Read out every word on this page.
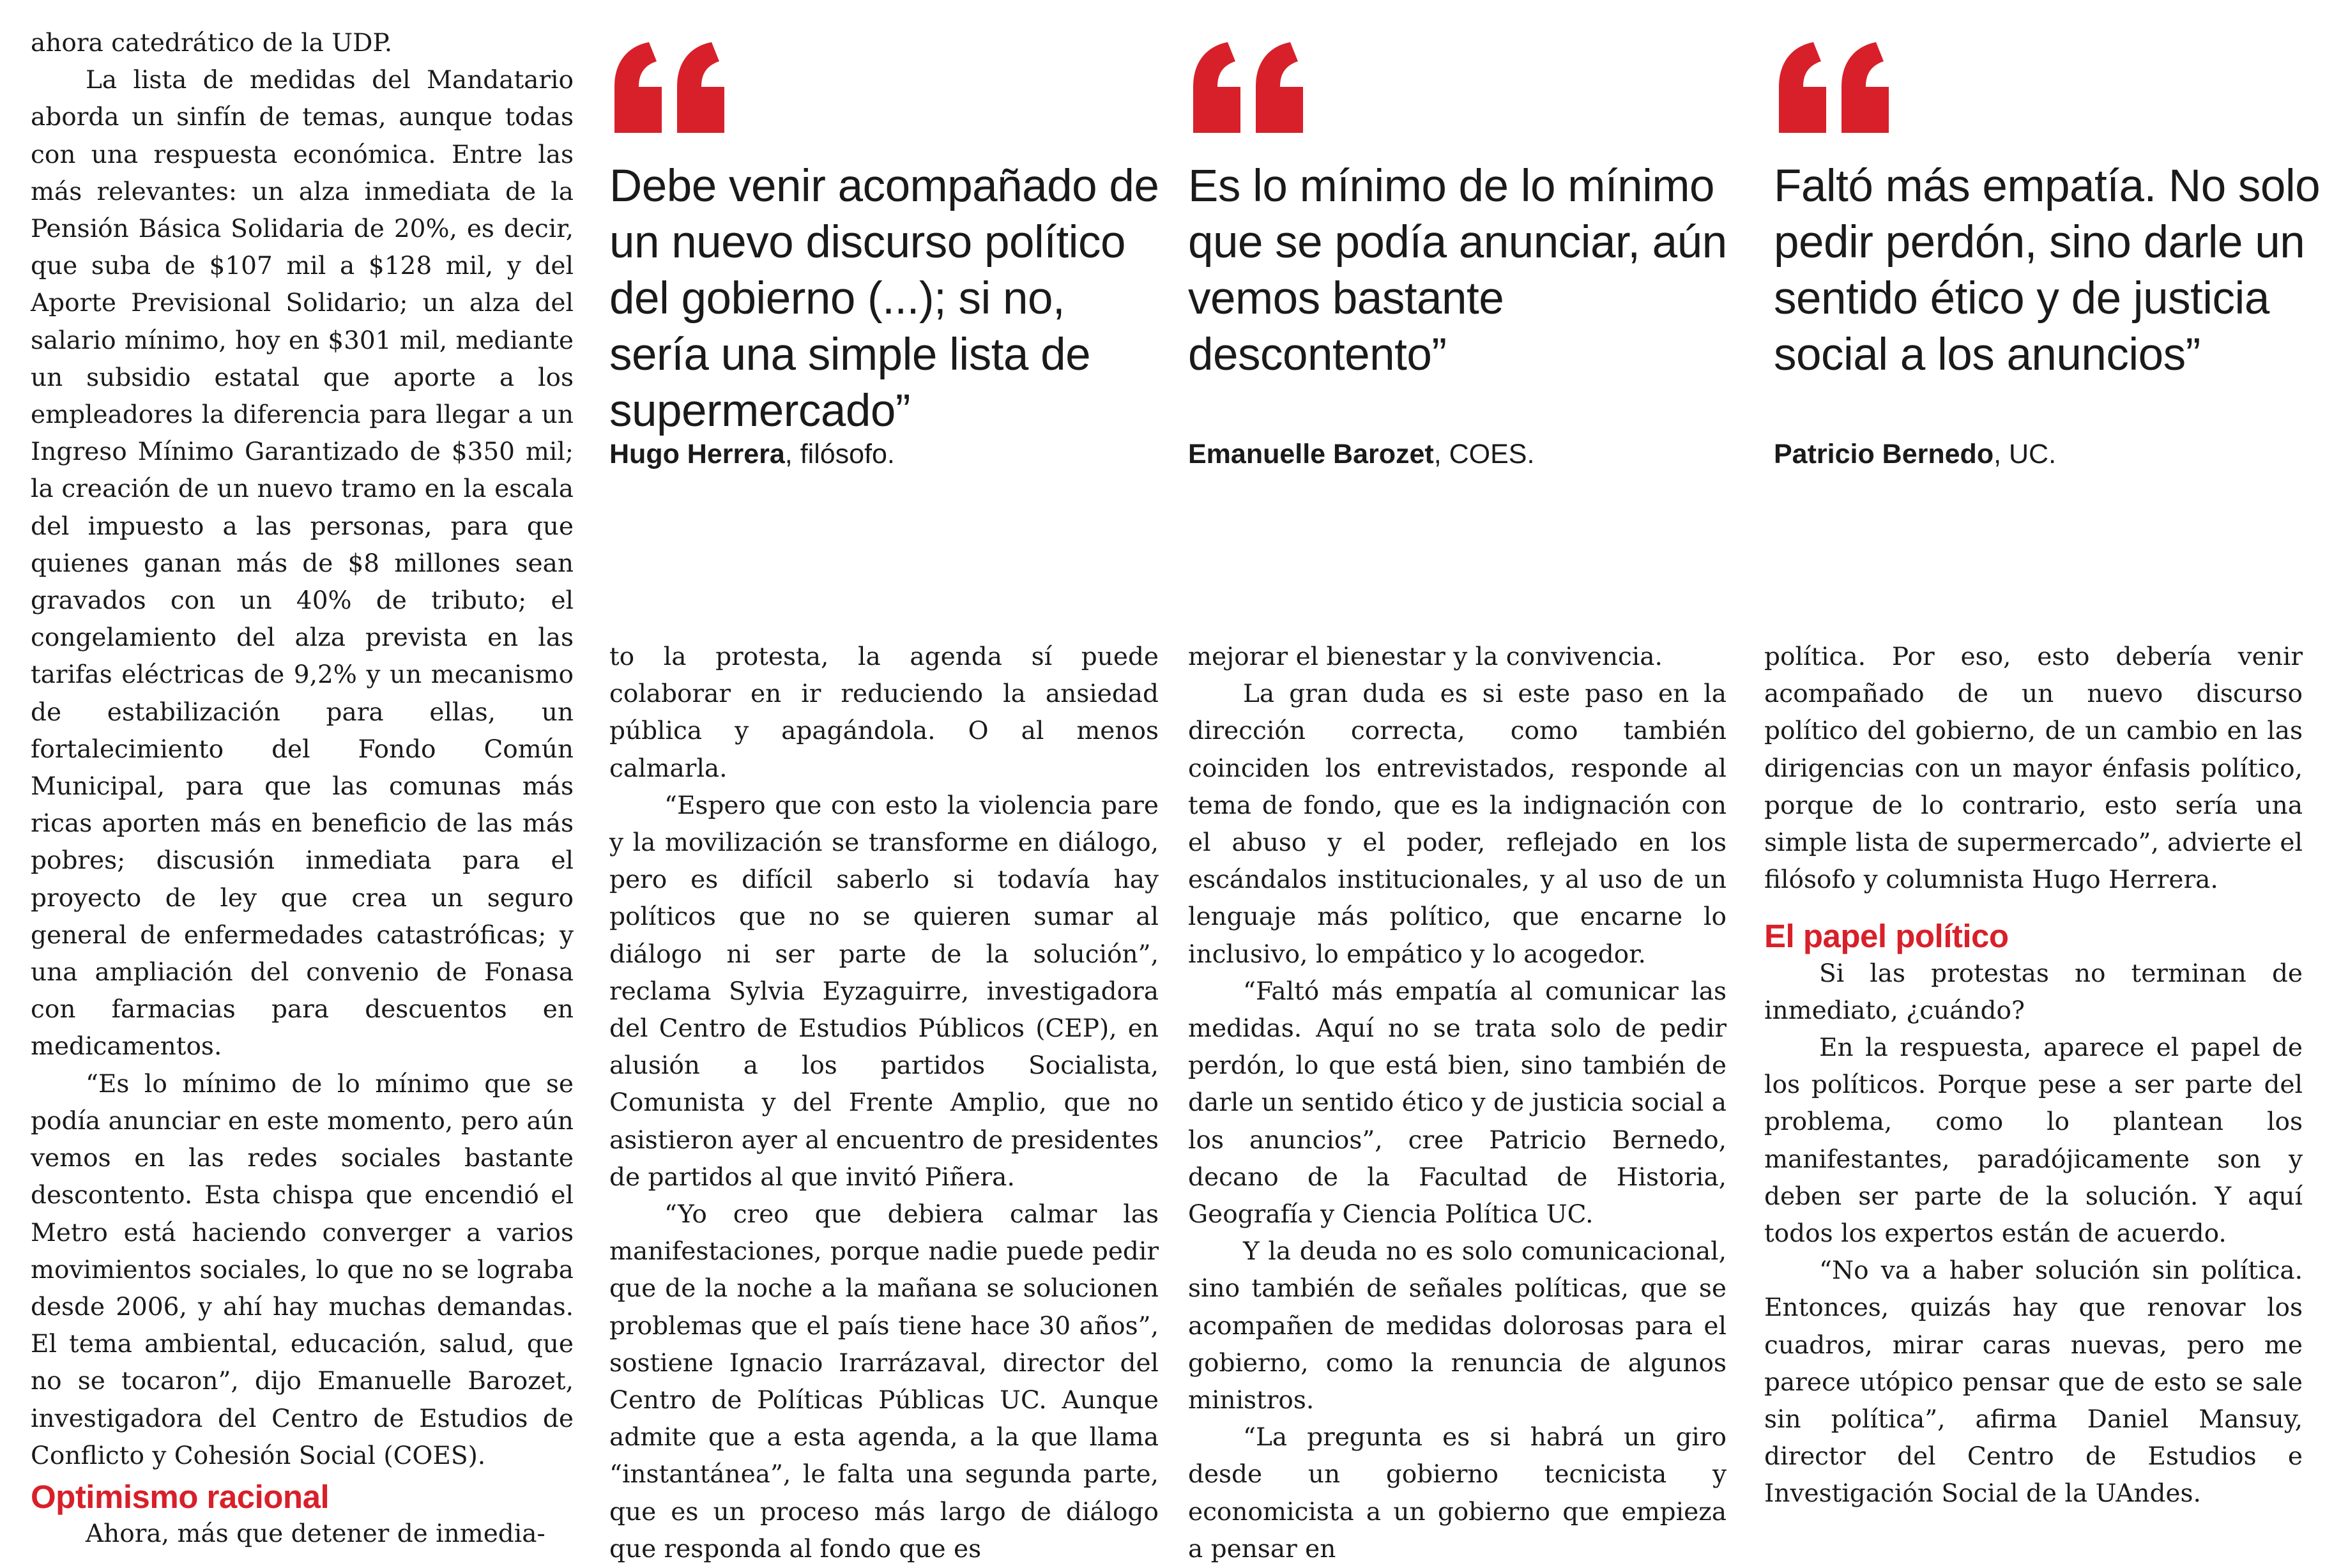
ahora catedrático de la UDP.

La lista de medidas del Mandatario aborda un sinfín de temas, aunque todas con una respuesta económica. Entre las más relevantes: un alza inmediata de la Pensión Básica Solidaria de 20%, es decir, que suba de $107 mil a $128 mil, y del Aporte Previsional Solidario; un alza del salario mínimo, hoy en $301 mil, mediante un subsidio estatal que aporte a los empleadores la diferencia para llegar a un Ingreso Mínimo Garantizado de $350 mil; la creación de un nuevo tramo en la escala del impuesto a las personas, para que quienes ganan más de $8 millones sean gravados con un 40% de tributo; el congelamiento del alza prevista en las tarifas eléctricas de 9,2% y un mecanismo de estabilización para ellas, un fortalecimiento del Fondo Común Municipal, para que las comunas más ricas aporten más en beneficio de las más pobres; discusión inmediata para el proyecto de ley que crea un seguro general de enfermedades catastróficas; y una ampliación del convenio de Fonasa con farmacias para descuentos en medicamentos.

“Es lo mínimo de lo mínimo que se podía anunciar en este momento, pero aún vemos en las redes sociales bastante descontento. Esta chispa que encendió el Metro está haciendo converger a varios movimientos sociales, lo que no se lograba desde 2006, y ahí hay muchas demandas. El tema ambiental, educación, salud, que no se tocaron”, dijo Emanuelle Barozet, investigadora del Centro de Estudios de Conflicto y Cohesión Social (COES).

Optimismo racional

Ahora, más que detener de inmedia-

Debe venir acompañado de un nuevo discurso político del gobierno (...); si no, sería una simple lista de supermercado”

Hugo Herrera, filósofo.

Es lo mínimo de lo mínimo que se podía anunciar, aún vemos bastante descontento”

Emanuelle Barozet, COES.

Faltó más empatía. No solo pedir perdón, sino darle un sentido ético y de justicia social a los anuncios”

Patricio Bernedo, UC.

to la protesta, la agenda sí puede colaborar en ir reduciendo la ansiedad pública y apagándola. O al menos calmarla.

“Espero que con esto la violencia pare y la movilización se transforme en diálogo, pero es difícil saberlo si todavía hay políticos que no se quieren sumar al diálogo ni ser parte de la solución”, reclama Sylvia Eyzaguirre, investigadora del Centro de Estudios Públicos (CEP), en alusión a los partidos Socialista, Comunista y del Frente Amplio, que no asistieron ayer al encuentro de presidentes de partidos al que invitó Piñera.

“Yo creo que debiera calmar las manifestaciones, porque nadie puede pedir que de la noche a la mañana se solucionen problemas que el país tiene hace 30 años”, sostiene Ignacio Irarrázaval, director del Centro de Políticas Públicas UC. Aunque admite que a esta agenda, a la que llama “instantánea”, le falta una segunda parte, que es un proceso más largo de diálogo que responda al fondo que es

mejorar el bienestar y la convivencia.

La gran duda es si este paso en la dirección correcta, como también coinciden los entrevistados, responde al tema de fondo, que es la indignación con el abuso y el poder, reflejado en los escándalos institucionales, y al uso de un lenguaje más político, que encarne lo inclusivo, lo empático y lo acogedor.

“Faltó más empatía al comunicar las medidas. Aquí no se trata solo de pedir perdón, lo que está bien, sino también de darle un sentido ético y de justicia social a los anuncios”, cree Patricio Bernedo, decano de la Facultad de Historia, Geografía y Ciencia Política UC.

Y la deuda no es solo comunicacional, sino también de señales políticas, que se acompañen de medidas dolorosas para el gobierno, como la renuncia de algunos ministros.

“La pregunta es si habrá un giro desde un gobierno tecnicista y economicista a un gobierno que empieza a pensar en

política. Por eso, esto debería venir acompañado de un nuevo discurso político del gobierno, de un cambio en las dirigencias con un mayor énfasis político, porque de lo contrario, esto sería una simple lista de supermercado”, advierte el filósofo y columnista Hugo Herrera.

El papel político

Si las protestas no terminan de inmediato, ¿cuándo?

En la respuesta, aparece el papel de los políticos. Porque pese a ser parte del problema, como lo plantean los manifestantes, paradójicamente son y deben ser parte de la solución. Y aquí todos los expertos están de acuerdo.

“No va a haber solución sin política. Entonces, quizás hay que renovar los cuadros, mirar caras nuevas, pero me parece utópico pensar que de esto se sale sin política”, afirma Daniel Mansuy, director del Centro de Estudios e Investigación Social de la UAndes.
